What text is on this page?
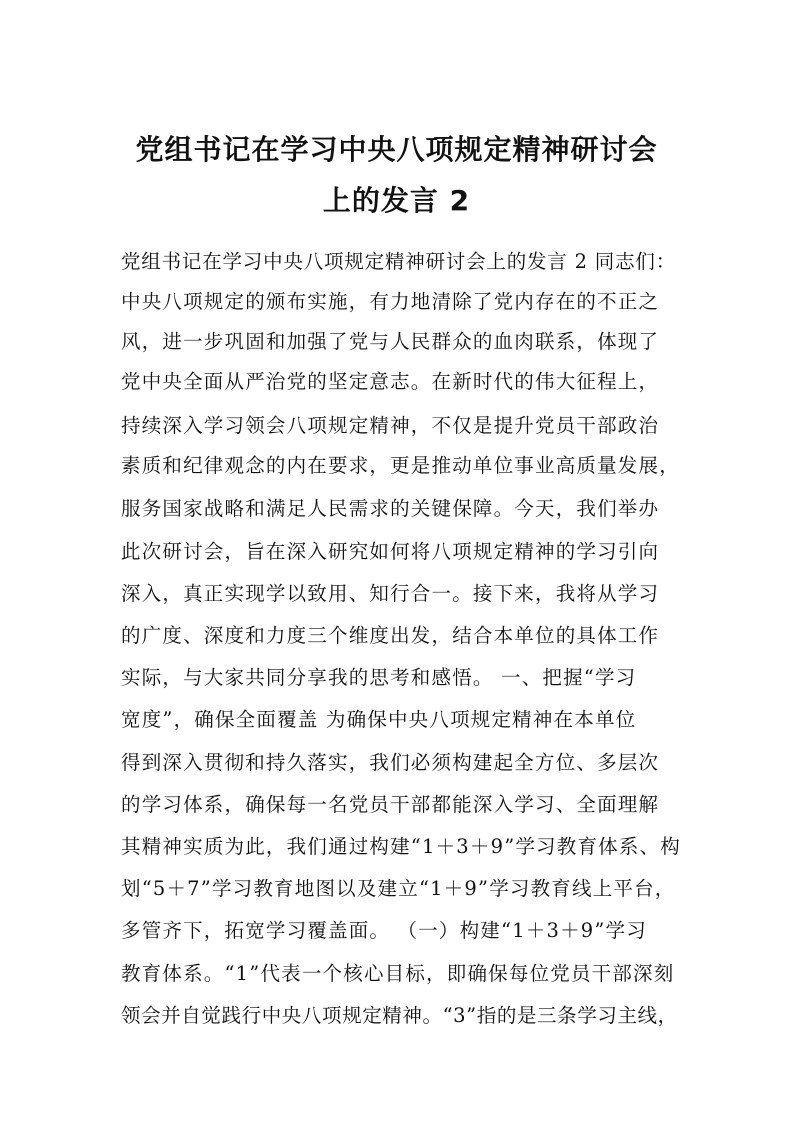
党组书记在学习中央八项规定精神研讨会
上的发言 2
党组书记在学习中央八项规定精神研讨会上的发言 2 同志们：
中央八项规定的颁布实施，有力地清除了党内存在的不正之
风，进一步巩固和加强了党与人民群众的血肉联系，体现了
党中央全面从严治党的坚定意志。在新时代的伟大征程上，
持续深入学习领会八项规定精神，不仅是提升党员干部政治
素质和纪律观念的内在要求，更是推动单位事业高质量发展，
服务国家战略和满足人民需求的关键保障。今天，我们举办
此次研讨会，旨在深入研究如何将八项规定精神的学习引向
深入，真正实现学以致用、知行合一。接下来，我将从学习
的广度、深度和力度三个维度出发，结合本单位的具体工作
实际，与大家共同分享我的思考和感悟。 一、把握“学习
宽度”，确保全面覆盖 为确保中央八项规定精神在本单位
得到深入贯彻和持久落实，我们必须构建起全方位、多层次
的学习体系，确保每一名党员干部都能深入学习、全面理解
其精神实质为此，我们通过构建“1＋3＋9”学习教育体系、构
划“5＋7”学习教育地图以及建立“1＋9”学习教育线上平台，
多管齐下，拓宽学习覆盖面。 （一）构建“1＋3＋9”学习
教育体系。“1”代表一个核心目标，即确保每位党员干部深刻
领会并自觉践行中央八项规定精神。“3”指的是三条学习主线，
